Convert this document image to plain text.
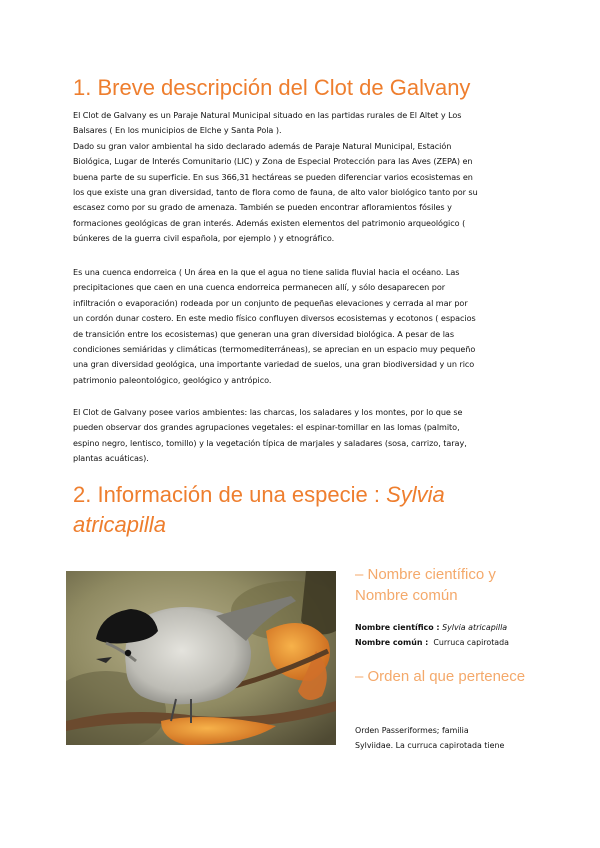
1. Breve descripción del Clot de Galvany

El Clot de Galvany es un Paraje Natural Municipal situado en las partidas rurales de El Altet y Los

Balsares ( En los municipios de Elche y Santa Pola ).

Dado su gran valor ambiental ha sido declarado además de Paraje Natural Municipal, Estación

Biológica, Lugar de Interés Comunitario (LIC) y Zona de Especial Protección para las Aves (ZEPA) en

buena parte de su superficie. En sus 366,31 hectáreas se pueden diferenciar varios ecosistemas en

los que existe una gran diversidad, tanto de flora como de fauna, de alto valor biológico tanto por su

escasez como por su grado de amenaza. También se pueden encontrar afloramientos fósiles y

formaciones geológicas de gran interés. Además existen elementos del patrimonio arqueológico (

búnkeres de la guerra civil española, por ejemplo ) y etnográfico.

Es una cuenca endorreica ( Un área en la que el agua no tiene salida fluvial hacia el océano. Las

precipitaciones que caen en una cuenca endorreica permanecen allí, y sólo desaparecen por

infiltración o evaporación) rodeada por un conjunto de pequeñas elevaciones y cerrada al mar por

un cordón dunar costero. En este medio físico confluyen diversos ecosistemas y ecotonos ( espacios

de transición entre los ecosistemas) que generan una gran diversidad biológica. A pesar de las

condiciones semiáridas y climáticas (termomediterráneas), se aprecian en un espacio muy pequeño

una gran diversidad geológica, una importante variedad de suelos, una gran biodiversidad y un rico

patrimonio paleontológico, geológico y antrópico.

El Clot de Galvany posee varios ambientes: las charcas, los saladares y los montes, por lo que se

pueden observar dos grandes agrupaciones vegetales: el espinar-tomillar en las lomas (palmito,

espino negro, lentisco, tomillo) y la vegetación típica de marjales y saladares (sosa, carrizo, taray,

plantas acuáticas).

2. Información de una especie : Sylvia atricapilla
– Nombre científico y Nombre común
Nombre científico : Sylvia atricapilla
Nombre común : Curruca capirotada
– Orden al que pertenece
Orden Passeriformes; familia
Sylviidae. La curruca capirotada tiene
